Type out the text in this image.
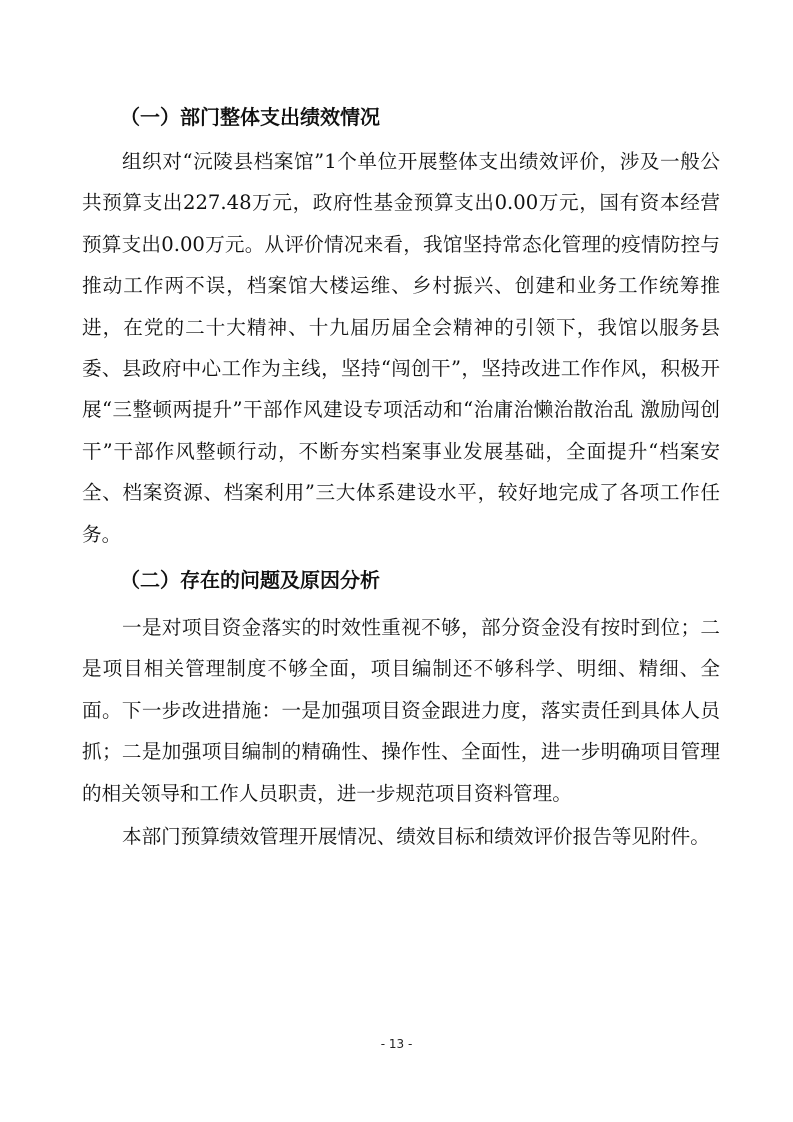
（一）部门整体支出绩效情况

组织对“沅陵县档案馆”1个单位开展整体支出绩效评价，涉及一般公共预算支出227.48万元，政府性基金预算支出0.00万元，国有资本经营预算支出0.00万元。从评价情况来看，我馆坚持常态化管理的疫情防控与推动工作两不误，档案馆大楼运维、乡村振兴、创建和业务工作统筹推进，在党的二十大精神、十九届历届全会精神的引领下，我馆以服务县委、县政府中心工作为主线，坚持“闯创干”，坚持改进工作作风，积极开展“三整顿两提升”干部作风建设专项活动和“治庸治懒治散治乱 激励闯创干”干部作风整顿行动，不断夯实档案事业发展基础，全面提升“档案安全、档案资源、档案利用”三大体系建设水平，较好地完成了各项工作任务。

（二）存在的问题及原因分析

一是对项目资金落实的时效性重视不够，部分资金没有按时到位；二是项目相关管理制度不够全面，项目编制还不够科学、明细、精细、全面。下一步改进措施：一是加强项目资金跟进力度，落实责任到具体人员抓；二是加强项目编制的精确性、操作性、全面性，进一步明确项目管理的相关领导和工作人员职责，进一步规范项目资料管理。

本部门预算绩效管理开展情况、绩效目标和绩效评价报告等见附件。

- 13 -
